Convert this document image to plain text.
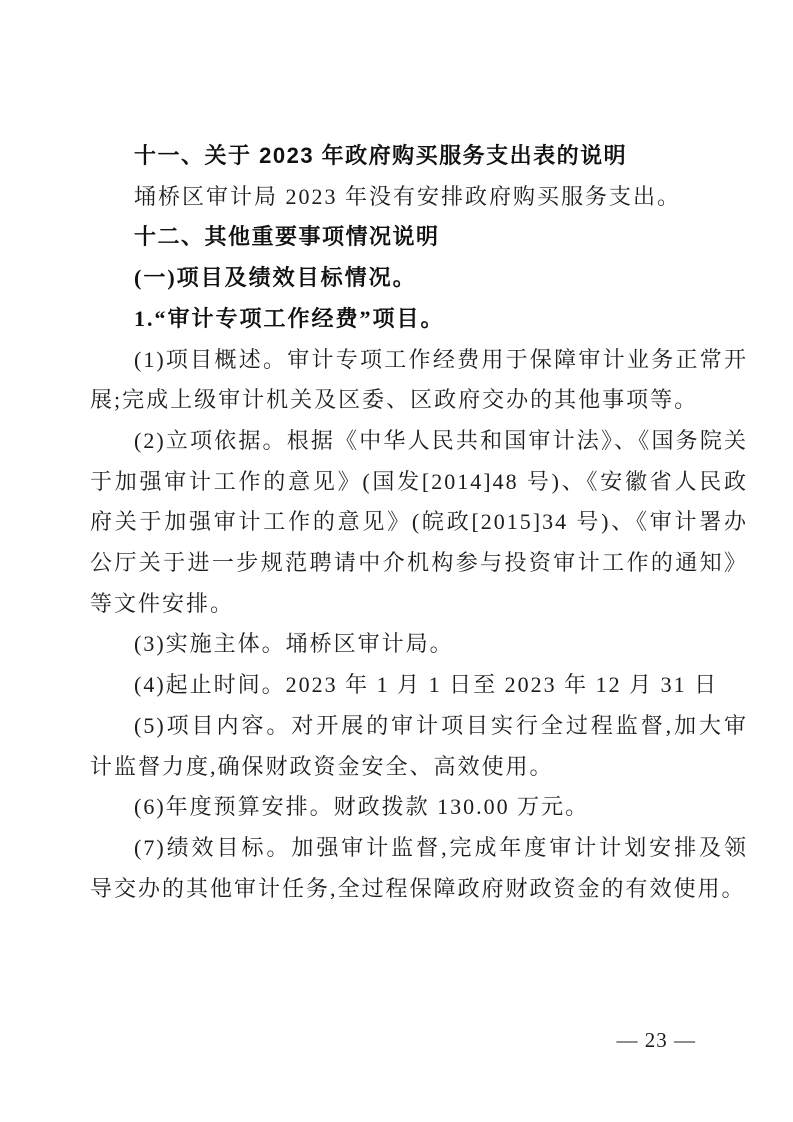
十一、关于 2023 年政府购买服务支出表的说明

埇桥区审计局 2023 年没有安排政府购买服务支出。

十二、其他重要事项情况说明

(一)项目及绩效目标情况。

1.“审计专项工作经费”项目。

(1)项目概述。审计专项工作经费用于保障审计业务正常开展;完成上级审计机关及区委、区政府交办的其他事项等。

(2)立项依据。根据《中华人民共和国审计法》、《国务院关于加强审计工作的意见》(国发[2014]48 号)、《安徽省人民政府关于加强审计工作的意见》(皖政[2015]34 号)、《审计署办公厅关于进一步规范聘请中介机构参与投资审计工作的通知》等文件安排。

(3)实施主体。埇桥区审计局。

(4)起止时间。2023 年 1 月 1 日至 2023 年 12 月 31 日

(5)项目内容。对开展的审计项目实行全过程监督,加大审计监督力度,确保财政资金安全、高效使用。

(6)年度预算安排。财政拨款 130.00 万元。

(7)绩效目标。加强审计监督,完成年度审计计划安排及领导交办的其他审计任务,全过程保障政府财政资金的有效使用。

— 23 —
